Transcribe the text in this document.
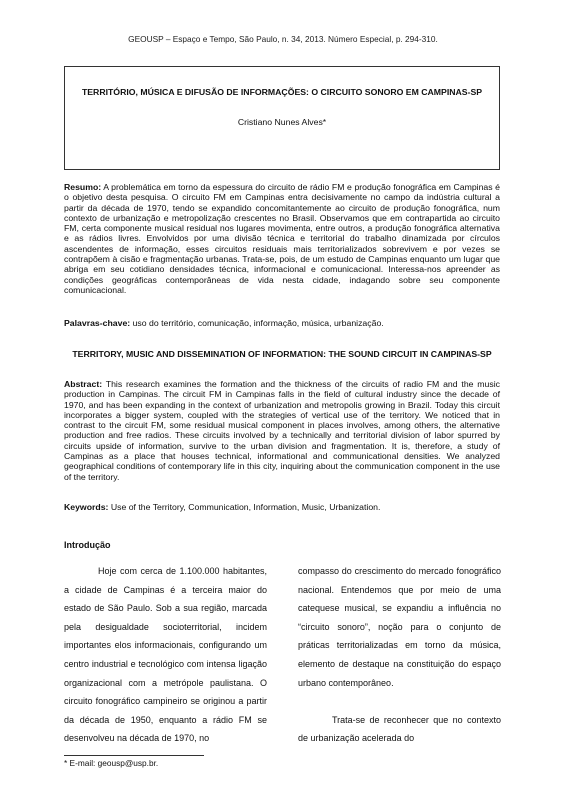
GEOUSP – Espaço e Tempo, São Paulo, n. 34, 2013. Número Especial, p. 294-310.
TERRITÓRIO, MÚSICA E DIFUSÃO DE INFORMAÇÕES: O CIRCUITO SONORO EM CAMPINAS-SP
Cristiano Nunes Alves*

Resumo: A problemática em torno da espessura do circuito de rádio FM e produção fonográfica em Campinas é o objetivo desta pesquisa. O circuito FM em Campinas entra decisivamente no campo da indústria cultural a partir da década de 1970, tendo se expandido concomitantemente ao circuito de produção fonográfica, num contexto de urbanização e metropolização crescentes no Brasil. Observamos que em contrapartida ao circuito FM, certa componente musical residual nos lugares movimenta, entre outros, a produção fonográfica alternativa e as rádios livres. Envolvidos por uma divisão técnica e territorial do trabalho dinamizada por círculos ascendentes de informação, esses circuitos residuais mais territorializados sobrevivem e por vezes se contrapõem à cisão e fragmentação urbanas. Trata-se, pois, de um estudo de Campinas enquanto um lugar que abriga em seu cotidiano densidades técnica, informacional e comunicacional. Interessa-nos apreender as condições geográficas contemporâneas de vida nesta cidade, indagando sobre seu componente comunicacional.

Palavras-chave: uso do território, comunicação, informação, música, urbanização.

TERRITORY, MUSIC AND DISSEMINATION OF INFORMATION: THE SOUND CIRCUIT IN CAMPINAS-SP

Abstract: This research examines the formation and the thickness of the circuits of radio FM and the music production in Campinas. The circuit FM in Campinas falls in the field of cultural industry since the decade of 1970, and has been expanding in the context of urbanization and metropolis growing in Brazil. Today this circuit incorporates a bigger system, coupled with the strategies of vertical use of the territory. We noticed that in contrast to the circuit FM, some residual musical component in places involves, among others, the alternative production and free radios. These circuits involved by a technically and territorial division of labor spurred by circuits upside of information, survive to the urban division and fragmentation. It is, therefore, a study of Campinas as a place that houses technical, informational and communicational densities. We analyzed geographical conditions of contemporary life in this city, inquiring about the communication component in the use of the territory.

Keywords: Use of the Territory, Communication, Information, Music, Urbanization.

Introdução

Hoje com cerca de 1.100.000 habitantes, a cidade de Campinas é a terceira maior do estado de São Paulo. Sob a sua região, marcada pela desigualdade socioterritorial, incidem importantes elos informacionais, configurando um centro industrial e tecnológico com intensa ligação organizacional com a metrópole paulistana. O circuito fonográfico campineiro se originou a partir da década de 1950, enquanto a rádio FM se desenvolveu na década de 1970, no

compasso do crescimento do mercado fonográfico nacional. Entendemos que por meio de uma catequese musical, se expandiu a influência no “circuito sonoro”, noção para o conjunto de práticas territorializadas em torno da música, elemento de destaque na constituição do espaço urbano contemporâneo.
Trata-se de reconhecer que no contexto de urbanização acelerada do
* E-mail: geousp@usp.br.
